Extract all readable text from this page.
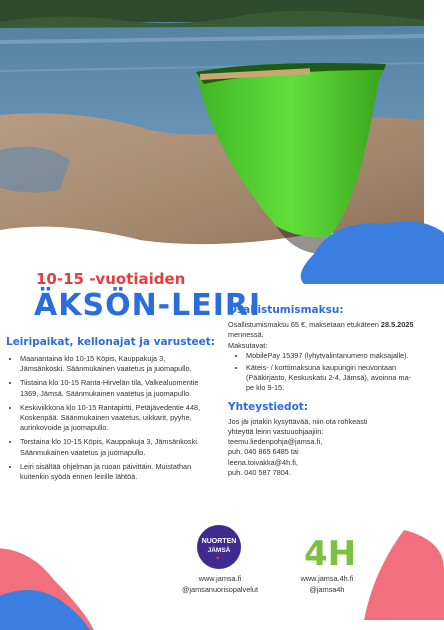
10-15 -vuotiaiden
ÄKSÖN-LEIRI
Leiripaikat, kellonajat ja varusteet:
• Maanantaina klo 10-15 Köpis, Kauppakuja 3, Jämsänkoski. Säänmukainen vaatetus ja juomapullo.
• Tiistaina klo 10-15 Ranta-Hirvelän tila, Valkealuomentie 1369, Jämsä. Säänmukainen vaatetus ja juomapullo.
• Keskiviikkona klo 10-15 Rantapirtti, Petäjävedentie 448, Koskenpää. Säänmukainen vaatetus, uikkarit, pyyhe, aurinkovoide ja juomapullo.
• Torstaina klo 10-15 Köpis, Kauppakuja 3, Jämsänkoski. Säänmukainen vaatetus ja juomapullo.
• Leiri sisältää ohjelman ja ruoan päivittäin. Muistathan kuitenkin syödä ennen leirille lähtöä.
Osallistumismaksu:

Osallistumismaksu 65 €, maksetaan etukäteen 28.5.2025 mennessä.

Maksutavat:

• MobilePay 15397 (lyhytvalintanumero maksajalle).
• Käteis- / korttimaksuna kaupungin neuvontaan (Pääkirjasto, Keskuskatu 2-4, Jämsä), avoinna ma-pe klo 9-15.
Yhteystiedot:

Jos jäi jotakin kysyttävää, niin ota rohkeasti

yhteyttä leirin vastuuohjaajiin:

teemu.liedenpohja@jamsa.fi,

puh. 040 865 6485 tai

leena.toivakka@4h.fi,

puh. 040 587 7804.

NUORTEN
JÄMSÄ
♥ 4H
www.jamsa.fi
@jamsanuorisopalvelut
www.jamsa.4h.fi
@jamsa4h
